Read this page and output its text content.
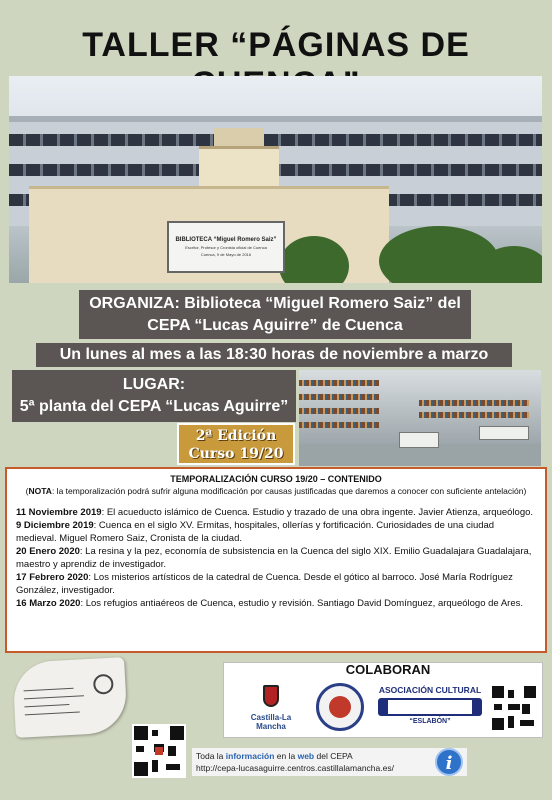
TALLER “PÁGINAS DE
BIBLIOTECA “Miguel Romero Saiz”
Escritor, Profesor y Cronista oficial de Cuenca
Cuenca, 9 de Mayo de 2016
ORGANIZA: Biblioteca “Miguel Romero Saiz” del
CEPA “Lucas Aguirre” de Cuenca
Un lunes al mes a las 18:30 horas de noviembre a marzo
LUGAR:
5ª planta del CEPA “Lucas Aguirre”
2ª Edición
Curso 19/20
TEMPORALIZACIÓN CURSO 19/20 – CONTENIDO
(NOTA: la temporalización podrá sufrir alguna modificación por causas justificadas que daremos a conocer con suficiente antelación)

11 Noviembre 2019: El acueducto islámico de Cuenca. Estudio y trazado de una obra ingente. Javier Atienza, arqueólogo.

9 Diciembre 2019: Cuenca en el siglo XV. Ermitas, hospitales, ollerías y fortificación. Curiosidades de una ciudad medieval. Miguel Romero Saiz, Cronista de la ciudad.

20 Enero 2020: La resina y la pez, economía de subsistencia en la Cuenca del siglo XIX. Emilio Guadalajara Guadalajara, maestro y aprendiz de investigador.

17 Febrero 2020: Los misterios artísticos de la catedral de Cuenca. Desde el gótico al barroco. José María Rodríguez González, investigador.

16 Marzo 2020: Los refugios antiaéreos de Cuenca, estudio y revisión. Santiago David Domínguez, arqueólogo de Ares.

COLABORAN
Castilla-La Mancha
ASOCIACIÓN CULTURAL
“ESLABÓN”
Toda la información en la web del CEPA
http://cepa-lucasaguirre.centros.castillalamancha.es/	i
